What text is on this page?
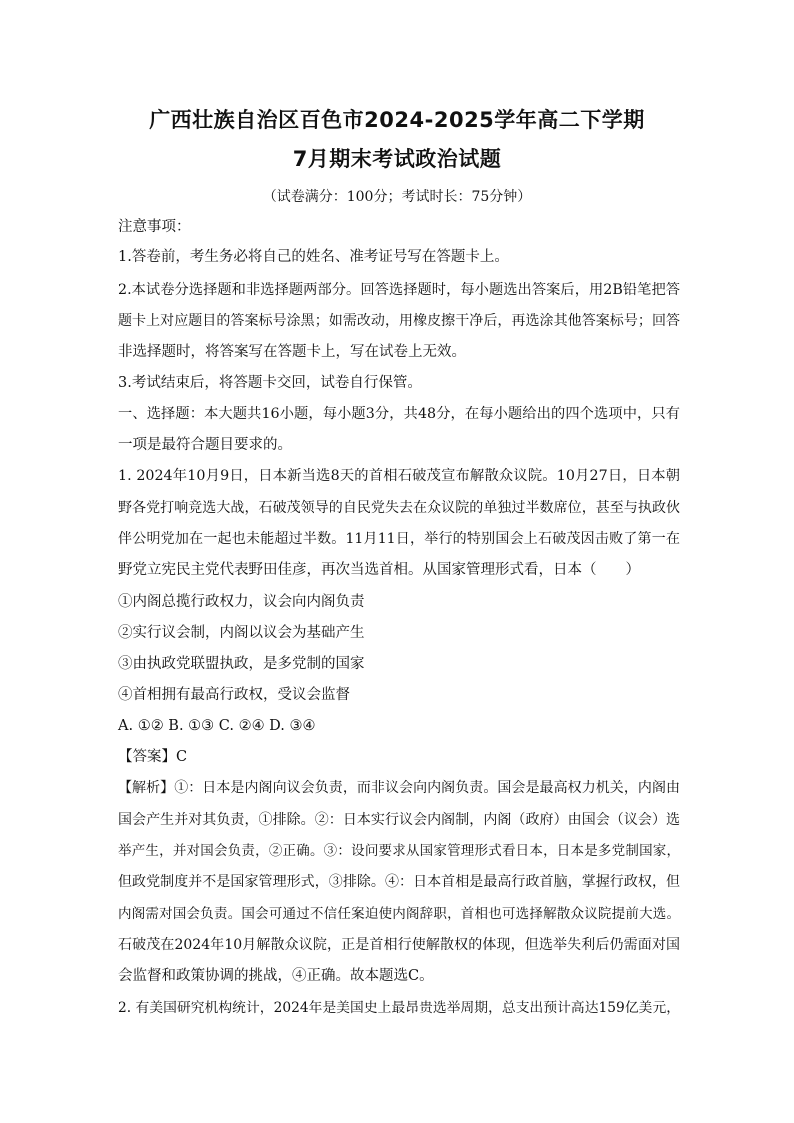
广西壮族自治区百色市2024-2025学年高二下学期
7月期末考试政治试题
（试卷满分：100分；考试时长：75分钟）
注意事项：
1.答卷前，考生务必将自己的姓名、准考证号写在答题卡上。
2.本试卷分选择题和非选择题两部分。回答选择题时，每小题选出答案后，用2B铅笔把答
题卡上对应题目的答案标号涂黑；如需改动，用橡皮擦干净后，再选涂其他答案标号；回答
非选择题时，将答案写在答题卡上，写在试卷上无效。
3.考试结束后，将答题卡交回，试卷自行保管。
一、选择题：本大题共16小题，每小题3分，共48分，在每小题给出的四个选项中，只有
一项是最符合题目要求的。
1. 2024年10月9日，日本新当选8天的首相石破茂宣布解散众议院。10月27日，日本朝
野各党打响竞选大战，石破茂领导的自民党失去在众议院的单独过半数席位，甚至与执政伙
伴公明党加在一起也未能超过半数。11月11日，举行的特别国会上石破茂因击败了第一在
野党立宪民主党代表野田佳彦，再次当选首相。从国家管理形式看，日本（　　）
①内阁总揽行政权力，议会向内阁负责
②实行议会制，内阁以议会为基础产生
③由执政党联盟执政，是多党制的国家
④首相拥有最高行政权，受议会监督
A. ①② B. ①③ C. ②④ D. ③④
【答案】C
【解析】①：日本是内阁向议会负责，而非议会向内阁负责。国会是最高权力机关，内阁由
国会产生并对其负责，①排除。②：日本实行议会内阁制，内阁（政府）由国会（议会）选
举产生，并对国会负责，②正确。③：设问要求从国家管理形式看日本，日本是多党制国家，
但政党制度并不是国家管理形式，③排除。④：日本首相是最高行政首脑，掌握行政权，但
内阁需对国会负责。国会可通过不信任案迫使内阁辞职，首相也可选择解散众议院提前大选。
石破茂在2024年10月解散众议院，正是首相行使解散权的体现，但选举失利后仍需面对国
会监督和政策协调的挑战，④正确。故本题选C。
2. 有美国研究机构统计，2024年是美国史上最昂贵选举周期，总支出预计高达159亿美元，
